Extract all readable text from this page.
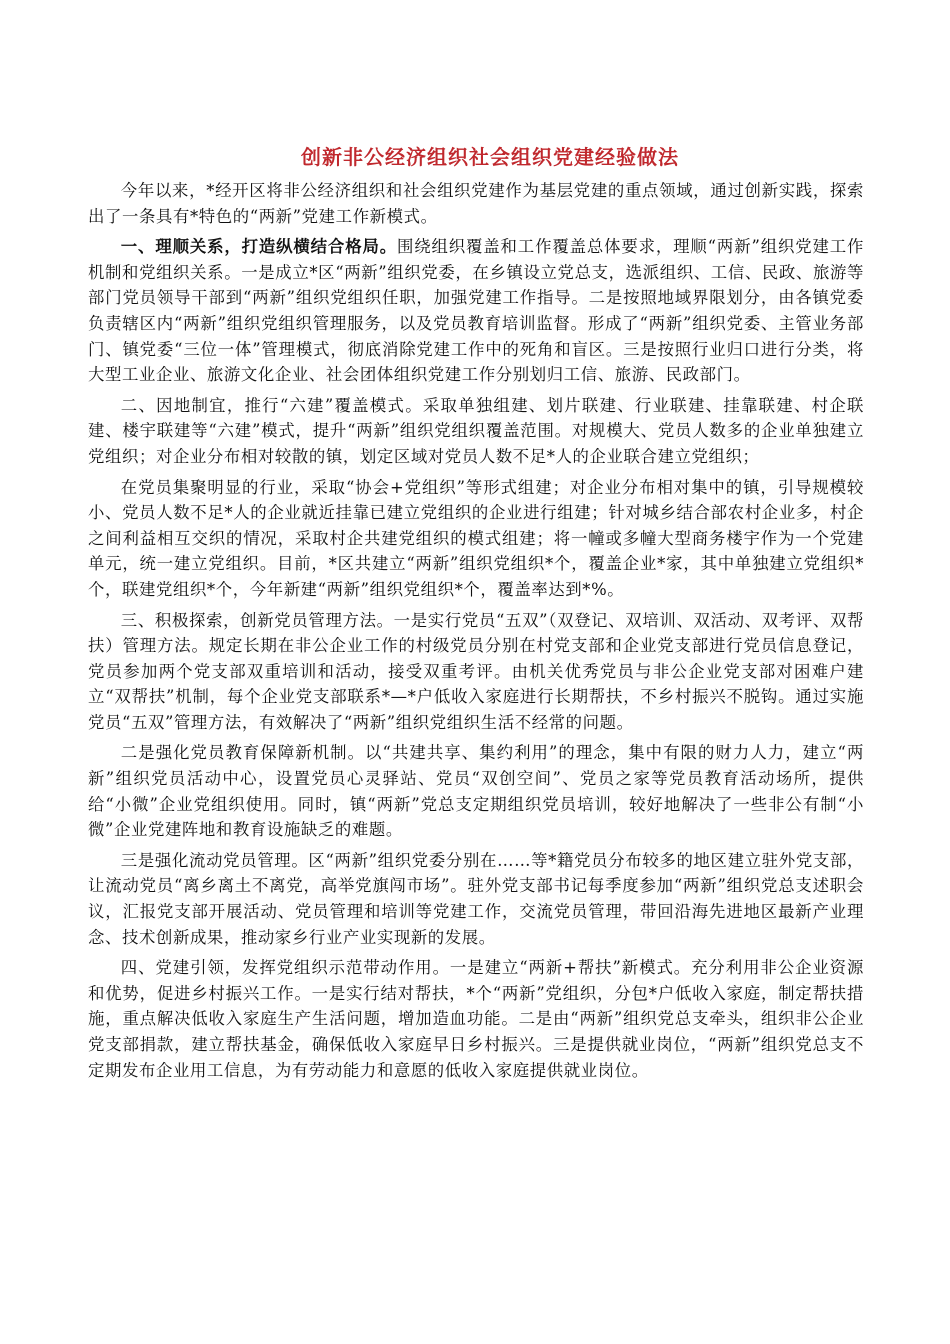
创新非公经济组织社会组织党建经验做法

今年以来，*经开区将非公经济组织和社会组织党建作为基层党建的重点领域，通过创新实践，探索出了一条具有*特色的“两新”党建工作新模式。

一、理顺关系，打造纵横结合格局。围绕组织覆盖和工作覆盖总体要求，理顺“两新”组织党建工作机制和党组织关系。一是成立*区“两新”组织党委，在乡镇设立党总支，选派组织、工信、民政、旅游等部门党员领导干部到“两新”组织党组织任职，加强党建工作指导。二是按照地域界限划分，由各镇党委负责辖区内“两新”组织党组织管理服务，以及党员教育培训监督。形成了“两新”组织党委、主管业务部门、镇党委“三位一体”管理模式，彻底消除党建工作中的死角和盲区。三是按照行业归口进行分类，将大型工业企业、旅游文化企业、社会团体组织党建工作分别划归工信、旅游、民政部门。

二、因地制宜，推行“六建”覆盖模式。采取单独组建、划片联建、行业联建、挂靠联建、村企联建、楼宇联建等“六建”模式，提升“两新”组织党组织覆盖范围。对规模大、党员人数多的企业单独建立党组织；对企业分布相对较散的镇，划定区域对党员人数不足*人的企业联合建立党组织；

在党员集聚明显的行业，采取“协会+党组织”等形式组建；对企业分布相对集中的镇，引导规模较小、党员人数不足*人的企业就近挂靠已建立党组织的企业进行组建；针对城乡结合部农村企业多，村企之间利益相互交织的情况，采取村企共建党组织的模式组建；将一幢或多幢大型商务楼宇作为一个党建单元，统一建立党组织。目前，*区共建立“两新”组织党组织*个，覆盖企业*家，其中单独建立党组织*个，联建党组织*个，今年新建“两新”组织党组织*个，覆盖率达到*%。

三、积极探索，创新党员管理方法。一是实行党员“五双”（双登记、双培训、双活动、双考评、双帮扶）管理方法。规定长期在非公企业工作的村级党员分别在村党支部和企业党支部进行党员信息登记，党员参加两个党支部双重培训和活动，接受双重考评。由机关优秀党员与非公企业党支部对困难户建立“双帮扶”机制，每个企业党支部联系*—*户低收入家庭进行长期帮扶，不乡村振兴不脱钩。通过实施党员“五双”管理方法，有效解决了“两新”组织党组织生活不经常的问题。

二是强化党员教育保障新机制。以“共建共享、集约利用”的理念，集中有限的财力人力，建立“两新”组织党员活动中心，设置党员心灵驿站、党员“双创空间”、党员之家等党员教育活动场所，提供给“小微”企业党组织使用。同时，镇“两新”党总支定期组织党员培训，较好地解决了一些非公有制“小微”企业党建阵地和教育设施缺乏的难题。

三是强化流动党员管理。区“两新”组织党委分别在……等*籍党员分布较多的地区建立驻外党支部，让流动党员“离乡离土不离党，高举党旗闯市场”。驻外党支部书记每季度参加“两新”组织党总支述职会议，汇报党支部开展活动、党员管理和培训等党建工作，交流党员管理，带回沿海先进地区最新产业理念、技术创新成果，推动家乡行业产业实现新的发展。

四、党建引领，发挥党组织示范带动作用。一是建立“两新+帮扶”新模式。充分利用非公企业资源和优势，促进乡村振兴工作。一是实行结对帮扶，*个“两新”党组织，分包*户低收入家庭，制定帮扶措施，重点解决低收入家庭生产生活问题，增加造血功能。二是由“两新”组织党总支牵头，组织非公企业党支部捐款，建立帮扶基金，确保低收入家庭早日乡村振兴。三是提供就业岗位，“两新”组织党总支不定期发布企业用工信息，为有劳动能力和意愿的低收入家庭提供就业岗位。
